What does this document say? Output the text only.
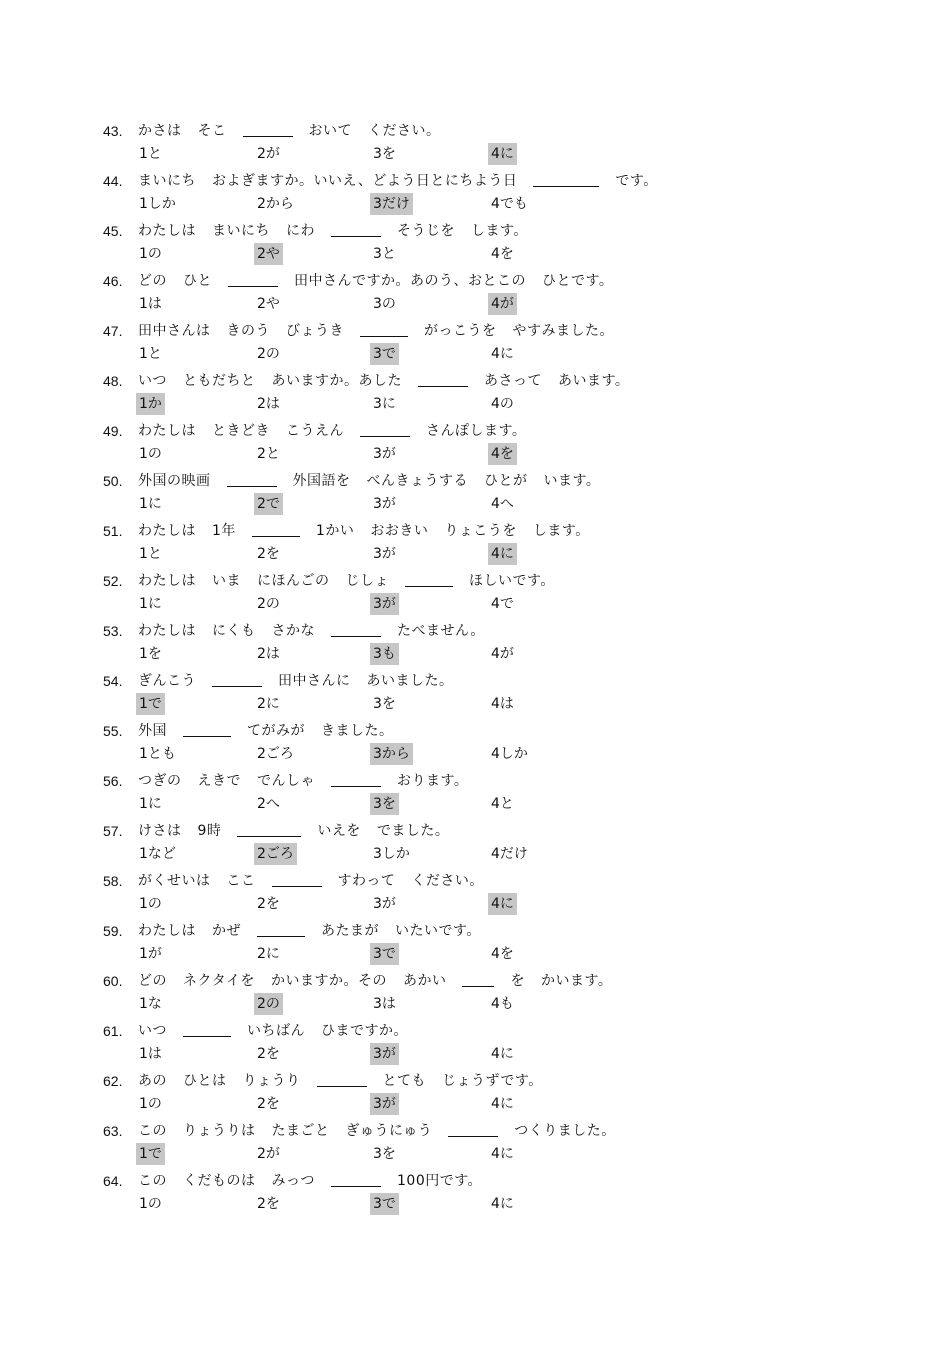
43.	かさは そこ	おいて ください。
1と	2が	3を	4に
44.	まいにち およぎますか。いいえ、どよう日とにちよう日	です。
1しか	2から	3だけ	4でも
45.	わたしは まいにち にわ	そうじを します。
1の	2や	3と	4を
46.	どの ひと	田中さんですか。あのう、おとこの ひとです。
1は	2や	3の	4が
47.	田中さんは きのう びょうき	がっこうを やすみました。
1と	2の	3で	4に
48.	いつ ともだちと あいますか。あした	あさって あいます。
1か	2は	3に	4の
49.	わたしは ときどき こうえん	さんぽします。
1の	2と	3が	4を
50.	外国の映画	外国語を べんきょうする ひとが います。
1に	2で	3が	4へ
51.	わたしは 1年	1かい おおきい りょこうを します。
1と	2を	3が	4に
52.	わたしは いま にほんごの じしょ	ほしいです。
1に	2の	3が	4で
53.	わたしは にくも さかな	たべません。
1を	2は	3も	4が
54.	ぎんこう	田中さんに あいました。
1で	2に	3を	4は
55.	外国	てがみが きました。
1とも	2ごろ	3から	4しか
56.	つぎの えきで でんしゃ	おります。
1に	2へ	3を	4と
57.	けさは 9時	いえを でました。
1など	2ごろ	3しか	4だけ
58.	がくせいは ここ	すわって ください。
1の	2を	3が	4に
59.	わたしは かぜ	あたまが いたいです。
1が	2に	3で	4を
60.	どの ネクタイを かいますか。その あかい	を かいます。
1な	2の	3は	4も
61.	いつ	いちばん ひまですか。
1は	2を	3が	4に
62.	あの ひとは りょうり	とても じょうずです。
1の	2を	3が	4に
63.	この りょうりは たまごと ぎゅうにゅう	つくりました。
1で	2が	3を	4に
64.	この くだものは みっつ	100円です。
1の	2を	3で	4に
